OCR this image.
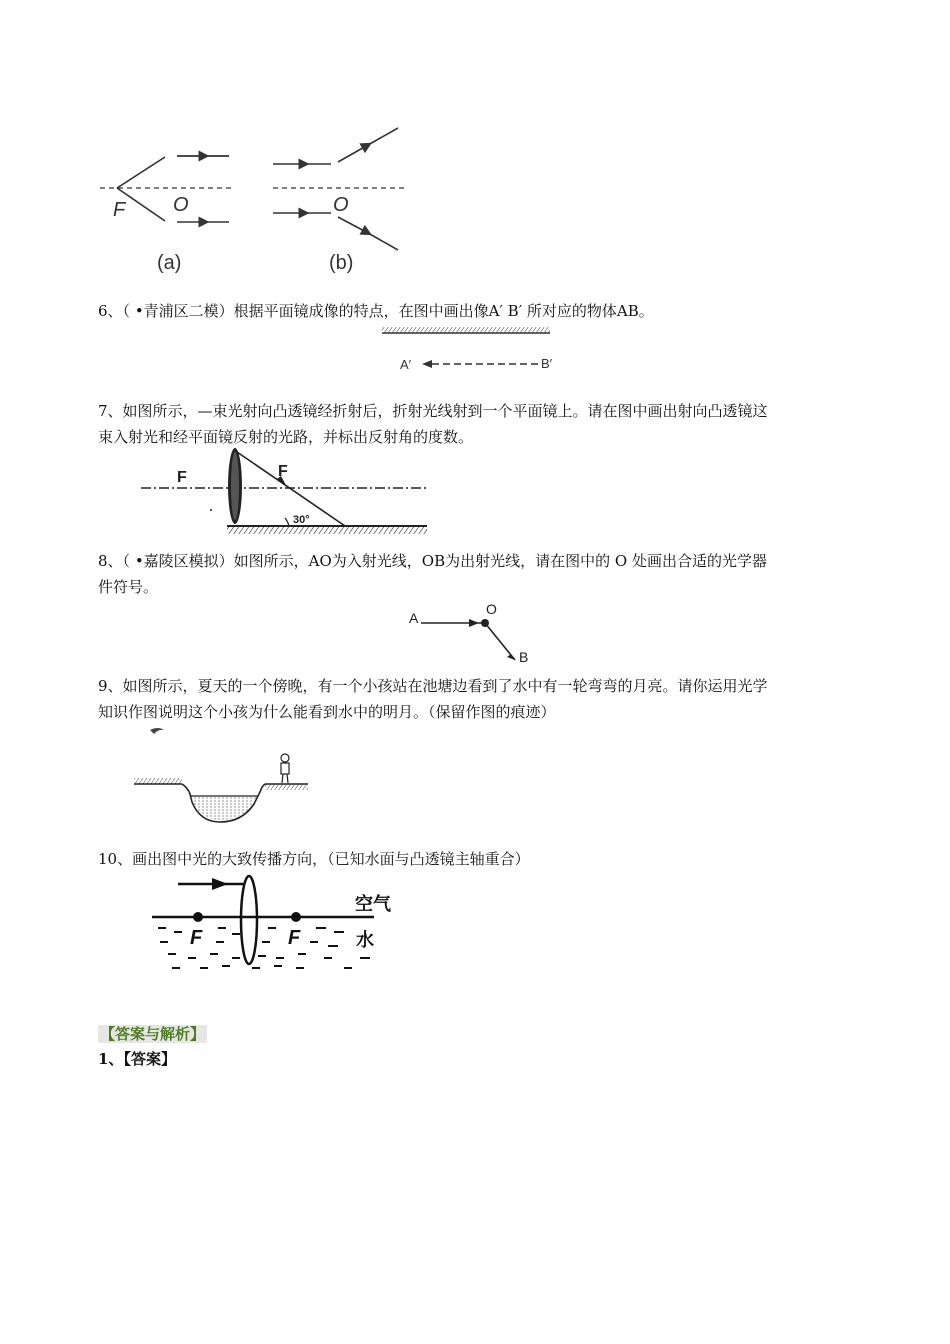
F O
(a)
O
(b)
6、（ •青浦区二模）根据平面镜成像的特点，在图中画出像A′ B′ 所对应的物体AB。
A′	B′
7、如图所示，—束光射向凸透镜经折射后，折射光线射到一个平面镜上。请在图中画出射向凸透镜这
束入射光和经平面镜反射的光路，并标出反射角的度数。
F	F
30°
8、（ •嘉陵区模拟）如图所示，AO为入射光线，OB为出射光线，请在图中的 O 处画出合适的光学器
件符号。
A
O
B
9、如图所示，夏天的一个傍晚，有一个小孩站在池塘边看到了水中有一轮弯弯的月亮。请你运用光学
知识作图说明这个小孩为什么能看到水中的明月。（保留作图的痕迹）
10、画出图中光的大致传播方向，（已知水面与凸透镜主轴重合）
F	F
空气
水
【答案与解析】
1、【答案】
